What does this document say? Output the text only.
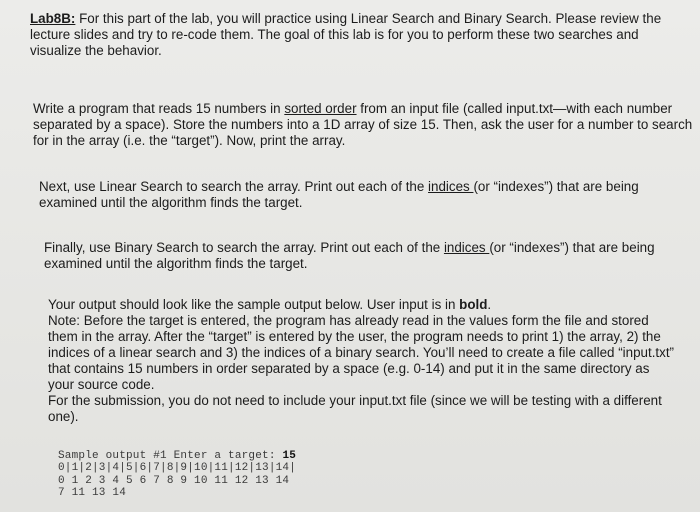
Lab8B: For this part of the lab, you will practice using Linear Search and Binary Search. Please review the lecture slides and try to re-code them. The goal of this lab is for you to perform these two searches and visualize the behavior.

Write a program that reads 15 numbers in sorted order from an input file (called input.txt—with each number separated by a space). Store the numbers into a 1D array of size 15. Then, ask the user for a number to search for in the array (i.e. the “target”). Now, print the array.

Next, use Linear Search to search the array. Print out each of the indices (or “indexes”) that are being examined until the algorithm finds the target.

Finally, use Binary Search to search the array. Print out each of the indices (or “indexes”) that are being examined until the algorithm finds the target.

Your output should look like the sample output below. User input is in bold.
Note: Before the target is entered, the program has already read in the values form the file and stored them in the array. After the “target” is entered by the user, the program needs to print 1) the array, 2) the indices of a linear search and 3) the indices of a binary search. You’ll need to create a file called “input.txt” that contains 15 numbers in order separated by a space (e.g. 0-14) and put it in the same directory as your source code.
For the submission, you do not need to include your input.txt file (since we will be testing with a different one).
Sample output #1 Enter a target: 15
0|1|2|3|4|5|6|7|8|9|10|11|12|13|14|
0 1 2 3 4 5 6 7 8 9 10 11 12 13 14
7 11 13 14
